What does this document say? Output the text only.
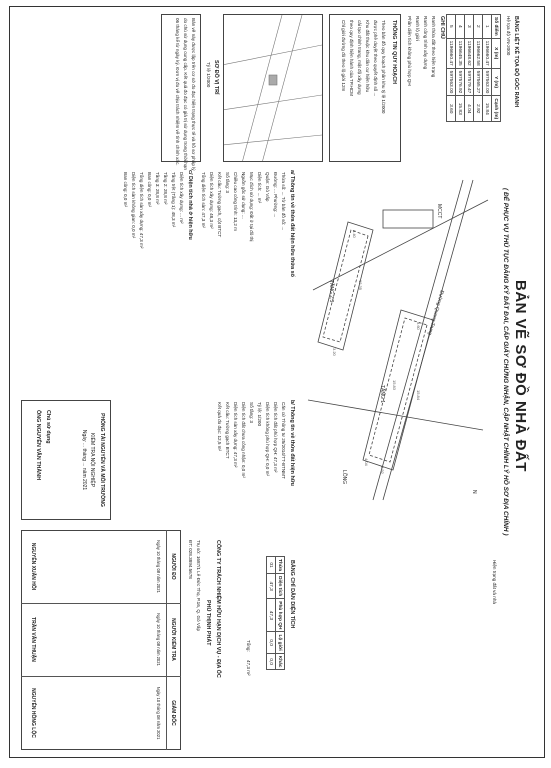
BẢN VẼ SƠ ĐỒ NHÀ ĐẤT
( ĐỂ PHỤC VỤ THỦ TỤC ĐĂNG KÝ ĐẤT ĐAI, CẤP GIẤY CHỨNG NHẬN, CẬP NHẬT CHỈNH LÝ HỒ SƠ ĐỊA CHÍNH )
Hiện trạng đất và nhà
TẦNG 1
TẦNG 2,3
MCCT
Đường Quang Trung
N
LỒNG
15.84
2.92
4.04
15.83
3.60
12.35
3.20
8.40
a/ Thông tin về thửa đất hiện hữu thửa số

Thửa số: ... Tờ bản đồ số: ...

Đường: ... Phường: ...

Quận: Gò Vấp

Diện tích: ... m²

Mục đích sử dụng: Đất ở tại đô thị

Nguồn gốc sử dụng: ...

Chiều cao công trình: 13,2 m

Số tầng: 3

Kết cấu: Tường gạch, cột BTCT

Diện tích xây dựng: 48,3 m²

Tổng diện tích sàn: 47,3 m²

c/ Diện tích nhà ở hiện hữu

Diện tích xây dựng: ... m²

Tầng trệt (Tầng 1): 48,3 m²

Tầng 2: 28,8 m²

Tầng 3: 28,8 m²

Ban công: 0,0 m²

Tổng diện tích sàn xây dựng: 47,3 m²

Diện tích sàn không gian: 0,0 m²

Ban công: 0,0 m²

b/ Thông tin về thửa đất hiện hữu

Căn cứ Thông tư 25/2014/TT-BTNMT

Diện tích đất phù hợp QH: 47,3 m²

Diện tích không phù hợp QH: 0,0 m²

Tỷ lệ: 1/200

Số tầng: 3

Diện tích đất chưa công nhận: 0,0 m²

Diện tích sàn xây dựng: 47,3 m²

Kết cấu: Tường gạch BTCT

Kết quả đo đạc: 12,5 m²

BẢNG CHỈ DẪN DIỆN TÍCH
Thửa	Diện tích	Phù hợp QH	Lộ giới	Khác
01	47,3	47,3	0,0	0,0
Tổng:
47,3 m²
CÔNG TY TRÁCH NHIỆM HỮU HẠN DỊCH VỤ - ĐỊA ỐC
PHÚ THỊNH PHÁT
Trụ sở: 1687/1 Lê Đức Thọ, P.16, Q. Gò Vấp
ĐT: 028.3894.5678
NGƯỜI ĐO
NGƯỜI KIỂM TRA
GIÁM ĐỐC
Ngày 10 tháng 08 năm 2021
Ngày 10 tháng 08 năm 2021
Ngày 10 tháng 08 năm 2021
NGUYỄN XUÂN HỒI
TRẦN VĂN THUẬN
NGUYỄN HỒNG LỘC
PHÒNG TÀI NGUYÊN VÀ MÔI TRƯỜNG
KIỂM TRA NỘI NGHIỆP
Ngày ... tháng ... năm 2021
Chủ sử dụng
ÔNG NGUYỄN VĂN THÀNH
BẢNG LIỆT KÊ TỌA ĐỘ GÓC RANH
Hệ tọa độ VN-2000
Số điểm	X (m)	Y (m)	Cạnh (m)
1	1196660.47	597563.00	15.84
2	1196662.58	597565.27	2.92
3	1196648.62	597579.47	4.04
4	1196645.35	597576.92	15.83
5	1196660.47	597563.00	3.60
GHI CHÚ

Ranh thửa đất theo hiện trạng

Ranh công trình xây dựng

Ranh lộ giới

Phần diện tích không phù hợp QH

THÔNG TIN QUY HOẠCH

Theo bản đồ quy hoạch phân khu tỷ lệ 1/2000

được phê duyệt theo quyết định số ...

Khu đất thuộc khu dân cư hiện hữu

cải tạo chỉnh trang, mật độ xây dựng

theo quy định hiện hành của TP.HCM

Chỉ giới đường đỏ theo lộ giới 12m

SƠ ĐỒ VỊ TRÍ
Tỷ lệ 1/2000

Bản vẽ này được lập trên cơ sở đo đạc hiện trạng thực tế và hồ sơ pháp lý

do chủ sử dụng cung cấp. Kết quả đo đạc có giá trị sử dụng trong thời hạn

06 tháng kể từ ngày ký. Đơn vị đo vẽ chịu trách nhiệm về tính chính xác.
